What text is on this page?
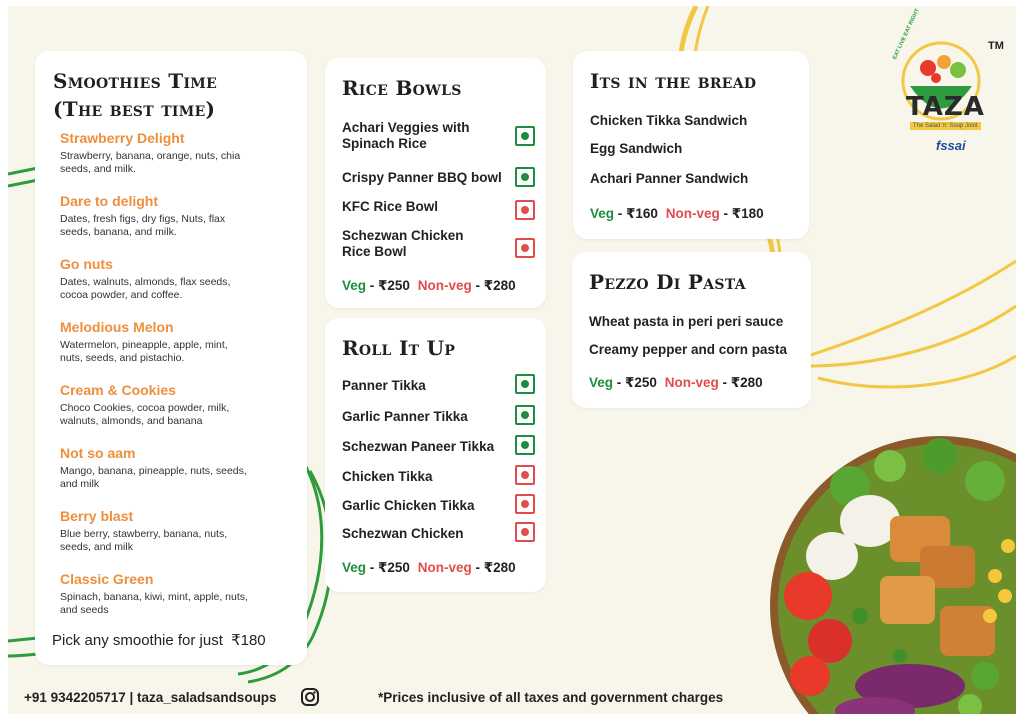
TAZA
EAT LIVE EAT RIGHT
The Salad 'n' Soup Joint
TM
fssai
Smoothies Time
(The best time)
Strawberry Delight
Strawberry, banana, orange, nuts, chia seeds, and milk.
Dare to delight
Dates, fresh figs, dry figs, Nuts, flax seeds, banana, and milk.
Go nuts
Dates, walnuts, almonds, flax seeds, cocoa powder, and coffee.
Melodious Melon
Watermelon, pineapple, apple, mint, nuts, seeds, and pistachio.
Cream & Cookies
Choco Cookies, cocoa powder, milk, walnuts, almonds, and banana
Not so aam
Mango, banana, pineapple, nuts, seeds, and milk
Berry blast
Blue berry, stawberry, banana, nuts, seeds, and milk
Classic Green
Spinach, banana, kiwi, mint, apple, nuts, and seeds
Pick any smoothie for just ₹180
Rice Bowls
Achari Veggies with
Spinach Rice
Crispy Panner BBQ bowl
KFC Rice Bowl
Schezwan Chicken
Rice Bowl
Veg - ₹250 Non-veg - ₹280
Roll It Up
Panner Tikka
Garlic Panner Tikka
Schezwan Paneer Tikka
Chicken Tikka
Garlic Chicken Tikka
Schezwan Chicken
Veg - ₹250 Non-veg - ₹280
Its in the bread
Chicken Tikka Sandwich
Egg Sandwich
Achari Panner Sandwich
Veg - ₹160 Non-veg - ₹180
Pezzo Di Pasta
Wheat pasta in peri peri sauce
Creamy pepper and corn pasta
Veg - ₹250 Non-veg - ₹280
+91 9342205717 | taza_saladsandsoups	*Prices inclusive of all taxes and government charges
